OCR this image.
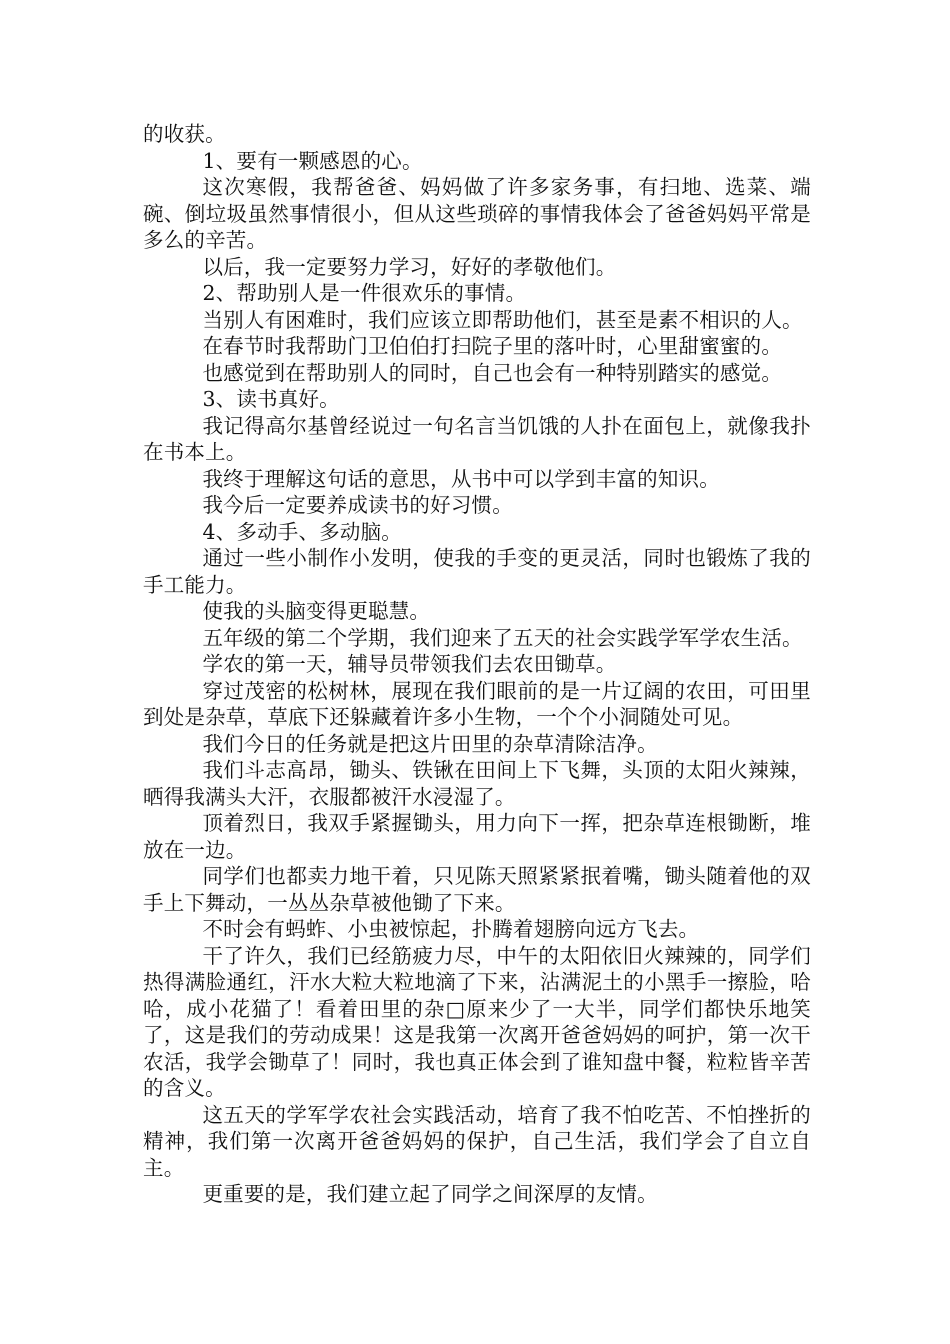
的收获。

1、要有一颗感恩的心。

这次寒假，我帮爸爸、妈妈做了许多家务事，有扫地、选菜、端碗、倒垃圾虽然事情很小，但从这些琐碎的事情我体会了爸爸妈妈平常是多么的辛苦。

以后，我一定要努力学习，好好的孝敬他们。

2、帮助别人是一件很欢乐的事情。

当别人有困难时，我们应该立即帮助他们，甚至是素不相识的人。

在春节时我帮助门卫伯伯打扫院子里的落叶时，心里甜蜜蜜的。

也感觉到在帮助别人的同时，自己也会有一种特别踏实的感觉。

3、读书真好。

我记得高尔基曾经说过一句名言当饥饿的人扑在面包上，就像我扑在书本上。

我终于理解这句话的意思，从书中可以学到丰富的知识。

我今后一定要养成读书的好习惯。

4、多动手、多动脑。

通过一些小制作小发明，使我的手变的更灵活，同时也锻炼了我的手工能力。

使我的头脑变得更聪慧。

五年级的第二个学期，我们迎来了五天的社会实践学军学农生活。

学农的第一天，辅导员带领我们去农田锄草。

穿过茂密的松树林，展现在我们眼前的是一片辽阔的农田，可田里到处是杂草，草底下还躲藏着许多小生物，一个个小洞随处可见。

我们今日的任务就是把这片田里的杂草清除洁净。

我们斗志高昂，锄头、铁锹在田间上下飞舞，头顶的太阳火辣辣，晒得我满头大汗，衣服都被汗水浸湿了。

顶着烈日，我双手紧握锄头，用力向下一挥，把杂草连根锄断，堆放在一边。

同学们也都卖力地干着，只见陈天照紧紧抿着嘴，锄头随着他的双手上下舞动，一丛丛杂草被他锄了下来。

不时会有蚂蚱、小虫被惊起，扑腾着翅膀向远方飞去。

干了许久，我们已经筋疲力尽，中午的太阳依旧火辣辣的，同学们热得满脸通红，汗水大粒大粒地滴了下来，沾满泥土的小黑手一擦脸，哈哈，成小花猫了！看着田里的杂□原来少了一大半，同学们都快乐地笑了，这是我们的劳动成果！这是我第一次离开爸爸妈妈的呵护，第一次干农活，我学会锄草了！同时，我也真正体会到了谁知盘中餐，粒粒皆辛苦的含义。

这五天的学军学农社会实践活动，培育了我不怕吃苦、不怕挫折的精神，我们第一次离开爸爸妈妈的保护，自己生活，我们学会了自立自主。

更重要的是，我们建立起了同学之间深厚的友情。
